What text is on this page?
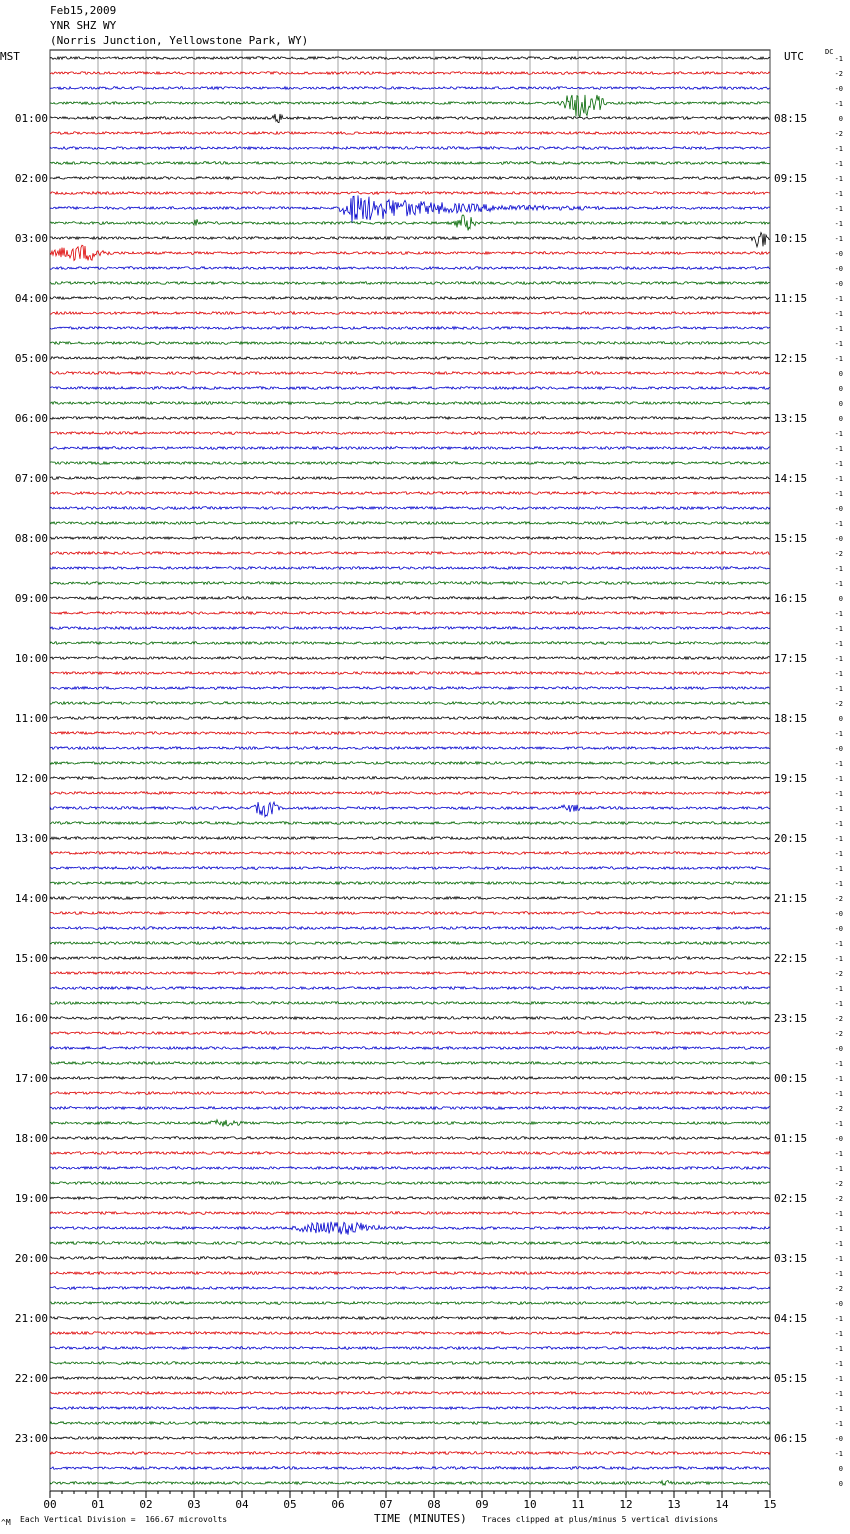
Feb15,2009
YNR SHZ WY
(Norris Junction, Yellowstone Park, WY)
MST	UTC	DC
00	01	02	03	04	05	06	07	08	09	10	11	12	13	14	15
01:00
02:00
03:00
04:00
05:00
06:00
07:00
08:00
09:00
10:00
11:00
12:00
13:00
14:00
15:00
16:00
17:00
18:00
19:00
20:00
21:00
22:00
23:00
08:15
09:15
10:15
11:15
12:15
13:15
14:15
15:15
16:15
17:15
18:15
19:15
20:15
21:15
22:15
23:15
00:15
01:15
02:15
03:15
04:15
05:15
06:15
-1
-2
-0
-1
0
-2
-1
-1
-1
-1
-1
-1
-1
-0
-0
-0
-1
-1
-1
-1
-1
0
0
0
0
-1
-1
-1
-1
-1
-0
-1
-0
-2
-1
-1
0
-1
-1
-1
-1
-1
-1
-2
0
-1
-0
-1
-1
-1
-1
-1
-1
-1
-1
-1
-2
-0
-0
-1
-1
-2
-1
-1
-2
-2
-0
-1
-1
-1
-2
-1
-0
-1
-1
-2
-2
-1
-1
-1
-1
-1
-2
-0
-1
-1
-1
-1
-1
-1
-1
-1
-0
-1
0
0
^M Each Vertical Division =  166.67 microvolts	TIME (MINUTES) Traces clipped at plus/minus 5 vertical divisions
